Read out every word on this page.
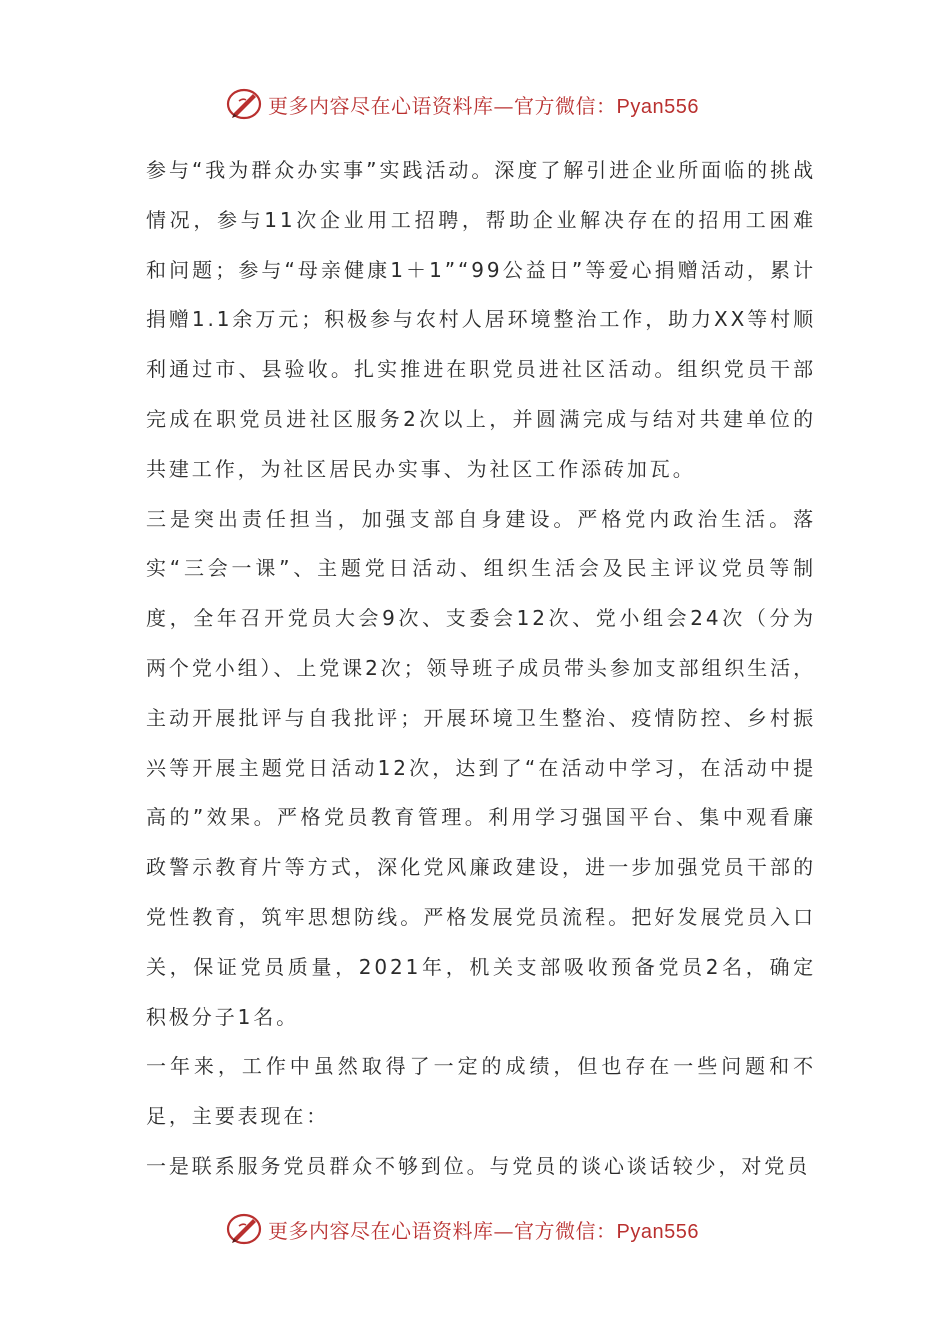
更多内容尽在心语资料库—官方微信：Pyan556

参与“我为群众办实事”实践活动。深度了解引进企业所面临的挑战情况，参与11次企业用工招聘，帮助企业解决存在的招用工困难和问题；参与“母亲健康1＋1”“99公益日”等爱心捐赠活动，累计捐赠1.1余万元；积极参与农村人居环境整治工作，助力XX等村顺利通过市、县验收。扎实推进在职党员进社区活动。组织党员干部完成在职党员进社区服务2次以上，并圆满完成与结对共建单位的共建工作，为社区居民办实事、为社区工作添砖加瓦。

三是突出责任担当，加强支部自身建设。严格党内政治生活。落实“三会一课”、主题党日活动、组织生活会及民主评议党员等制度，全年召开党员大会9次、支委会12次、党小组会24次（分为两个党小组）、上党课2次；领导班子成员带头参加支部组织生活，主动开展批评与自我批评；开展环境卫生整治、疫情防控、乡村振兴等开展主题党日活动12次，达到了“在活动中学习，在活动中提高的”效果。严格党员教育管理。利用学习强国平台、集中观看廉政警示教育片等方式，深化党风廉政建设，进一步加强党员干部的党性教育，筑牢思想防线。严格发展党员流程。把好发展党员入口关，保证党员质量，2021年，机关支部吸收预备党员2名，确定积极分子1名。

一年来，工作中虽然取得了一定的成绩，但也存在一些问题和不足，主要表现在：

一是联系服务党员群众不够到位。与党员的谈心谈话较少，对党员

更多内容尽在心语资料库—官方微信：Pyan556
